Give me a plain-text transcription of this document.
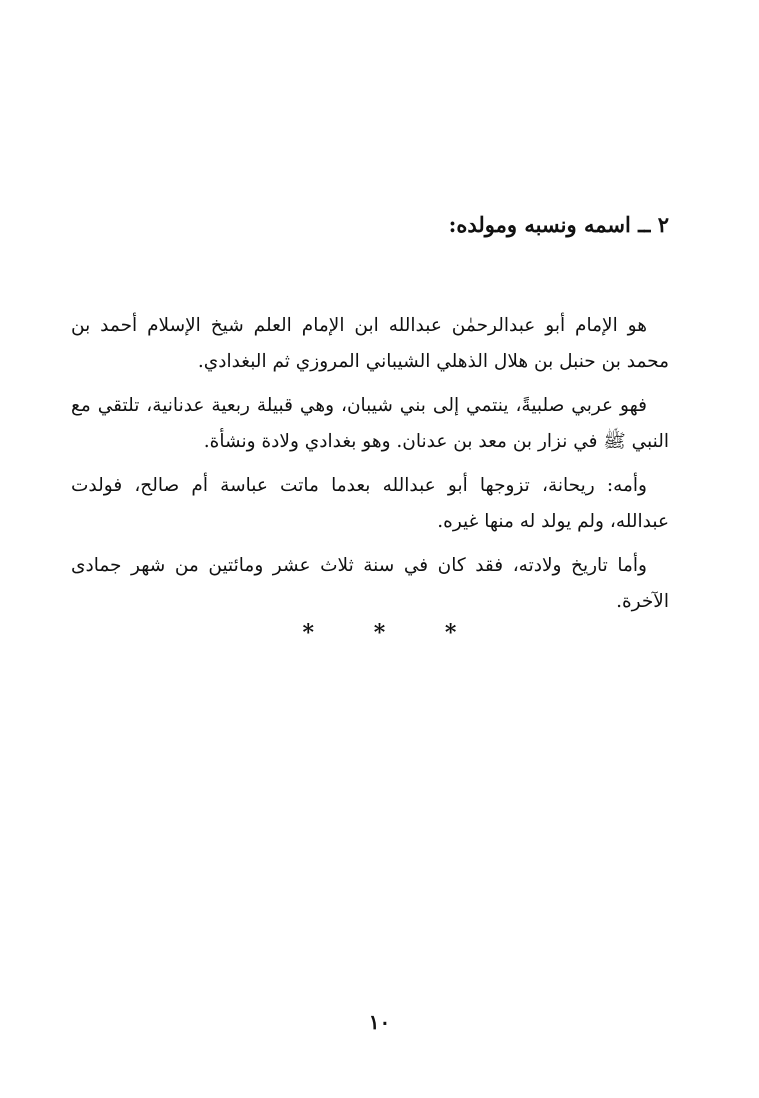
٢ ــ اسمه ونسبه ومولده:

هو الإمام أبو عبدالرحمٰن عبدالله ابن الإمام العلم شيخ الإسلام أحمد بن محمد بن حنبل بن هلال الذهلي الشيباني المروزي ثم البغدادي.

فهو عربي صلبيةً، ينتمي إلى بني شيبان، وهي قبيلة ربعية عدنانية، تلتقي مع النبي ﷺ في نزار بن معد بن عدنان. وهو بغدادي ولادة ونشأة.

وأمه: ريحانة، تزوجها أبو عبدالله بعدما ماتت عباسة أم صالح، فولدت عبدالله، ولم يولد له منها غيره.

وأما تاريخ ولادته، فقد كان في سنة ثلاث عشر ومائتين من شهر جمادى الآخرة.

* * *
١٠
